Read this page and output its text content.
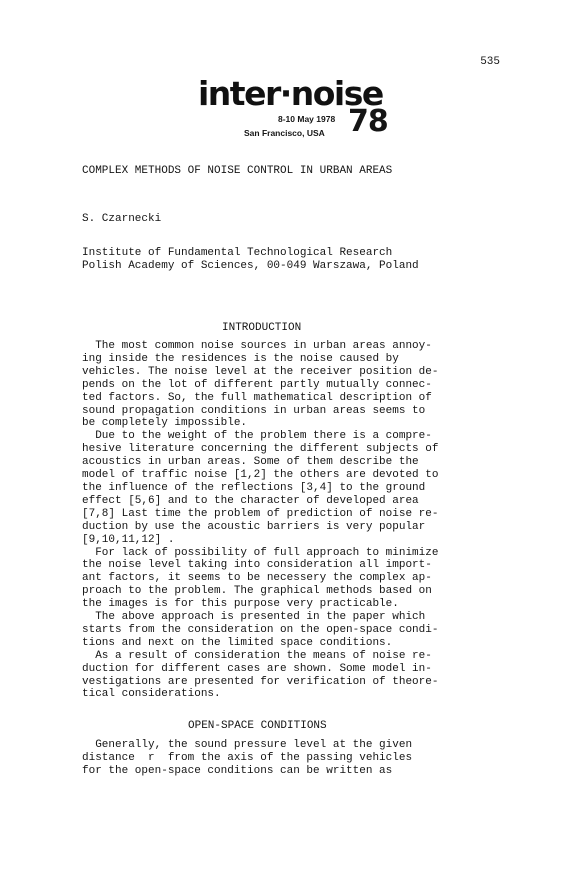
535
inter·noise
8-10 May 1978
San Francisco, USA 78
COMPLEX METHODS OF NOISE CONTROL IN URBAN AREAS
S. Czarnecki
Institute of Fundamental Technological Research
Polish Academy of Sciences, 00-049 Warszawa, Poland
INTRODUCTION
The most common noise sources in urban areas annoy-
ing inside the residences is the noise caused by
vehicles. The noise level at the receiver position de-
pends on the lot of different partly mutually connec-
ted factors. So, the full mathematical description of
sound propagation conditions in urban areas seems to
be completely impossible.
Due to the weight of the problem there is a compre-
hesive literature concerning the different subjects of
acoustics in urban areas. Some of them describe the
model of traffic noise [1,2] the others are devoted to
the influence of the reflections [3,4] to the ground
effect [5,6] and to the character of developed area
[7,8] Last time the problem of prediction of noise re-
duction by use the acoustic barriers is very popular
[9,10,11,12] .
For lack of possibility of full approach to minimize
the noise level taking into consideration all import-
ant factors, it seems to be necessery the complex ap-
proach to the problem. The graphical methods based on
the images is for this purpose very practicable.
The above approach is presented in the paper which
starts from the consideration on the open-space condi-
tions and next on the limited space conditions.
As a result of consideration the means of noise re-
duction for different cases are shown. Some model in-
vestigations are presented for verification of theore-
tical considerations.
OPEN-SPACE CONDITIONS
Generally, the sound pressure level at the given
distance  r  from the axis of the passing vehicles
for the open-space conditions can be written as
